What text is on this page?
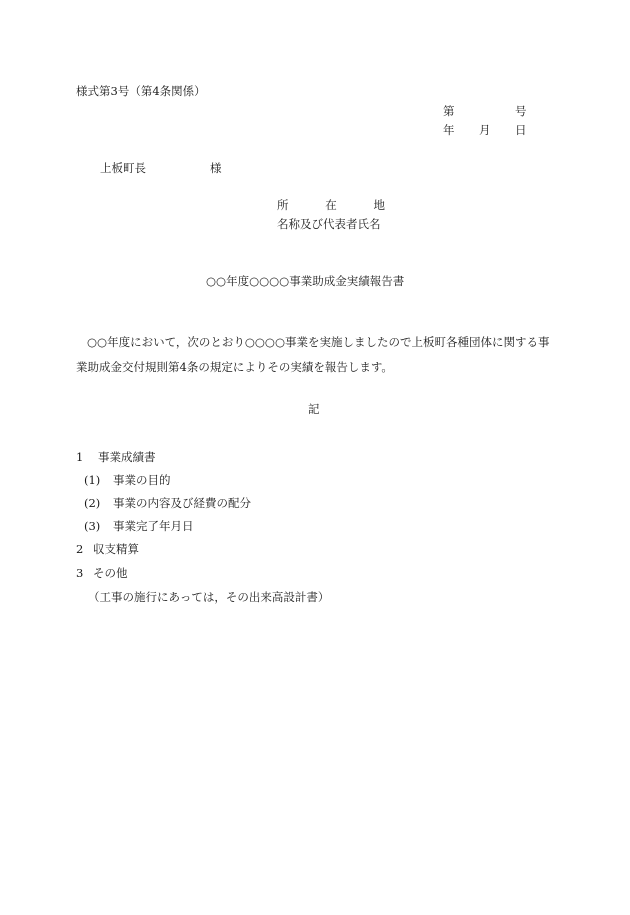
様式第3号（第4条関係）
第	号
年 月 日
上板町長	様
所	在	地
名称及び代表者氏名
○○年度○○○○事業助成金実績報告書
○○年度において，次のとおり○○○○事業を実施しましたので上板町各種団体に関する事業助成金交付規則第4条の規定によりその実績を報告します。
記
1 事業成績書
(1) 事業の目的
(2) 事業の内容及び経費の配分
(3) 事業完了年月日
2 収支精算
3 その他
（工事の施行にあっては，その出来高設計書）
